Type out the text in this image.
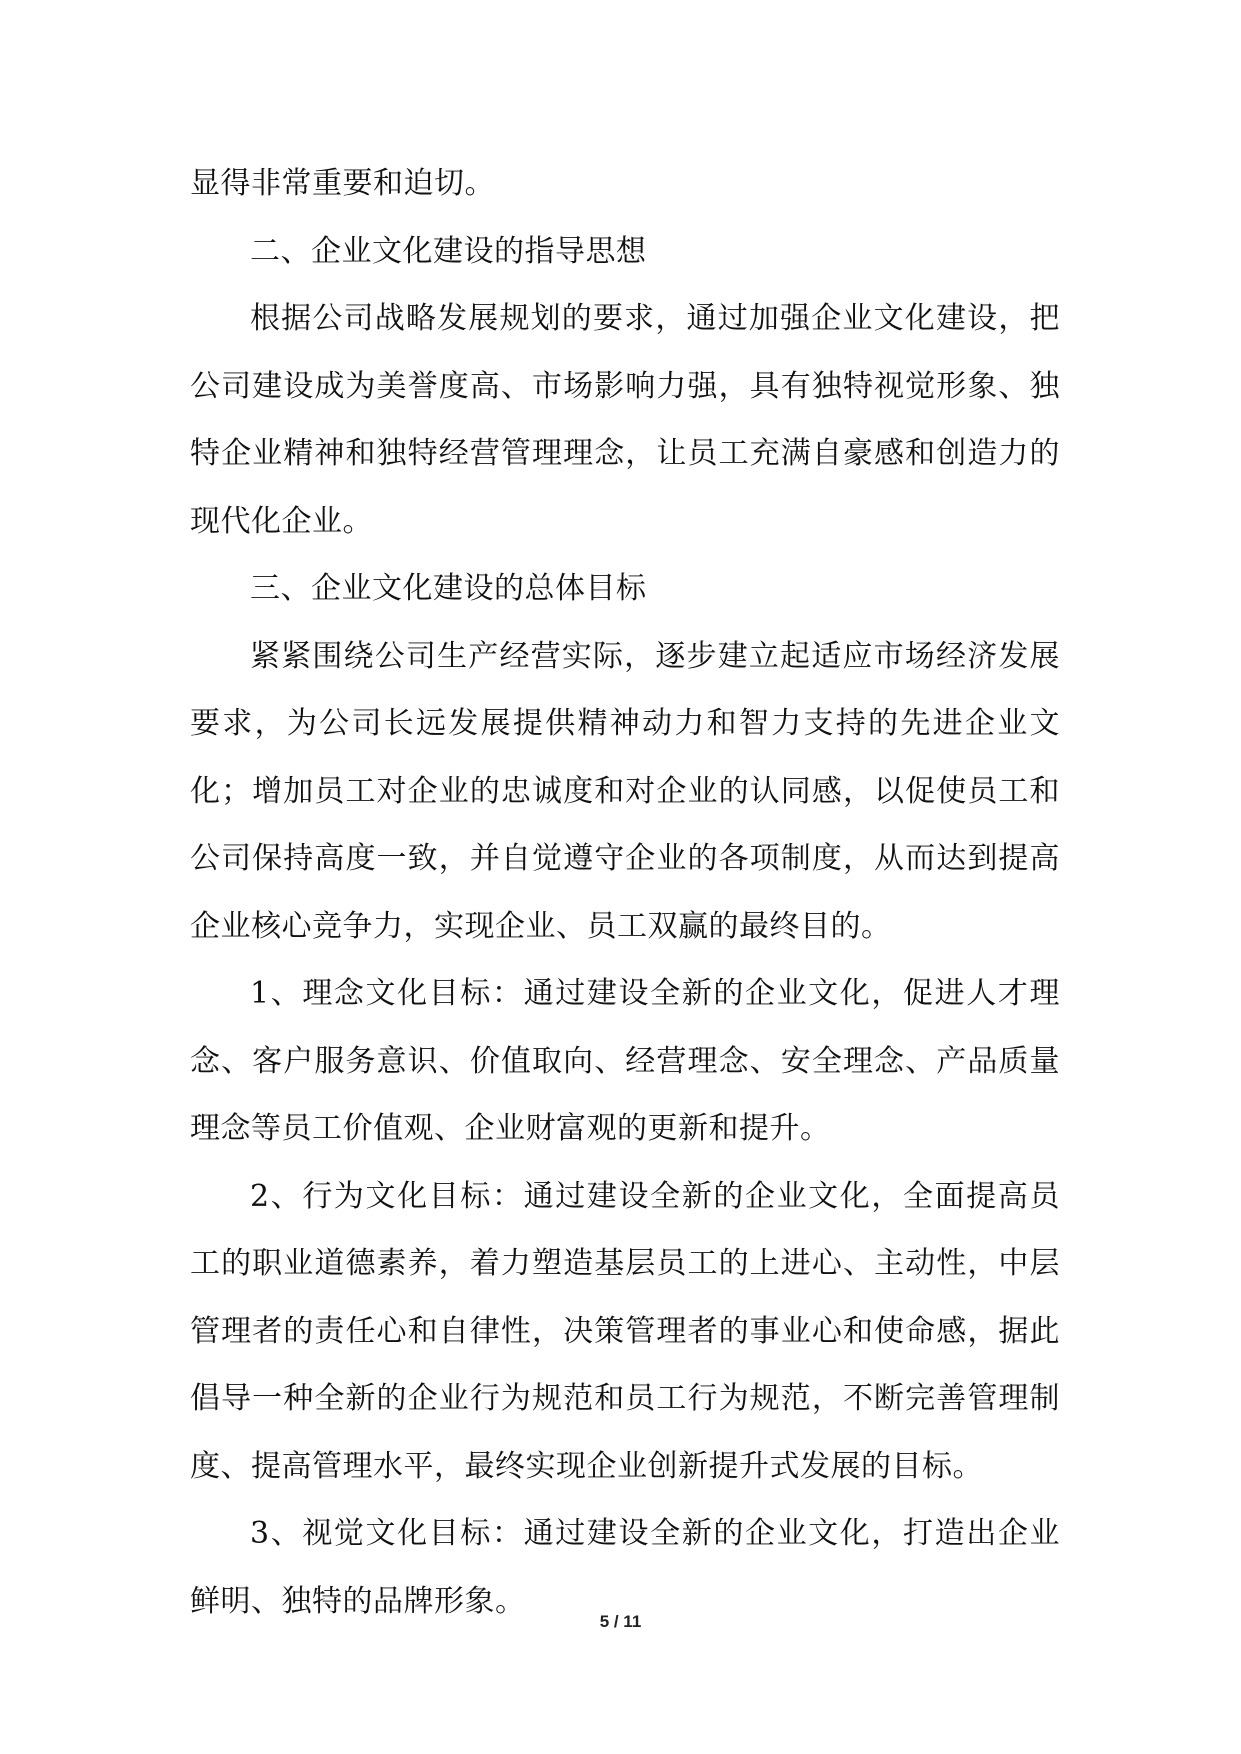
显得非常重要和迫切。

二、企业文化建设的指导思想

根据公司战略发展规划的要求，通过加强企业文化建设，把公司建设成为美誉度高、市场影响力强，具有独特视觉形象、独特企业精神和独特经营管理理念，让员工充满自豪感和创造力的现代化企业。

三、企业文化建设的总体目标

紧紧围绕公司生产经营实际，逐步建立起适应市场经济发展要求，为公司长远发展提供精神动力和智力支持的先进企业文化；增加员工对企业的忠诚度和对企业的认同感，以促使员工和公司保持高度一致，并自觉遵守企业的各项制度，从而达到提高企业核心竞争力，实现企业、员工双赢的最终目的。

1、理念文化目标：通过建设全新的企业文化，促进人才理念、客户服务意识、价值取向、经营理念、安全理念、产品质量理念等员工价值观、企业财富观的更新和提升。

2、行为文化目标：通过建设全新的企业文化，全面提高员工的职业道德素养，着力塑造基层员工的上进心、主动性，中层管理者的责任心和自律性，决策管理者的事业心和使命感，据此倡导一种全新的企业行为规范和员工行为规范，不断完善管理制度、提高管理水平，最终实现企业创新提升式发展的目标。

3、视觉文化目标：通过建设全新的企业文化，打造出企业鲜明、独特的品牌形象。

5 / 11
